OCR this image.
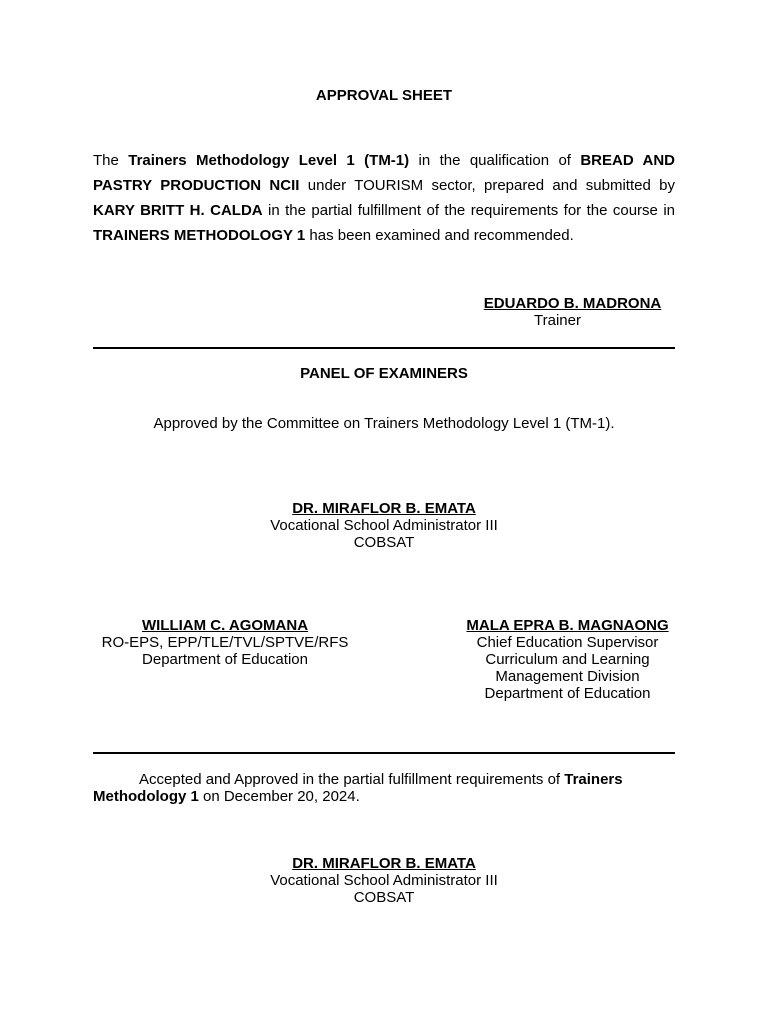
APPROVAL SHEET
The Trainers Methodology Level 1 (TM-1) in the qualification of BREAD AND PASTRY PRODUCTION NCII under TOURISM sector, prepared and submitted by KARY BRITT H. CALDA in the partial fulfillment of the requirements for the course in TRAINERS METHODOLOGY 1 has been examined and recommended.
EDUARDO B. MADRONA
Trainer
PANEL OF EXAMINERS
Approved by the Committee on Trainers Methodology Level 1 (TM-1).
DR. MIRAFLOR B. EMATA
Vocational School Administrator III
COBSAT
WILLIAM C. AGOMANA
RO-EPS, EPP/TLE/TVL/SPTVE/RFS
Department of Education
MALA EPRA B. MAGNAONG
Chief Education Supervisor
Curriculum and Learning
Management Division
Department of Education
Accepted and Approved in the partial fulfillment requirements of Trainers Methodology 1 on December 20, 2024.
DR. MIRAFLOR B. EMATA
Vocational School Administrator III
COBSAT
